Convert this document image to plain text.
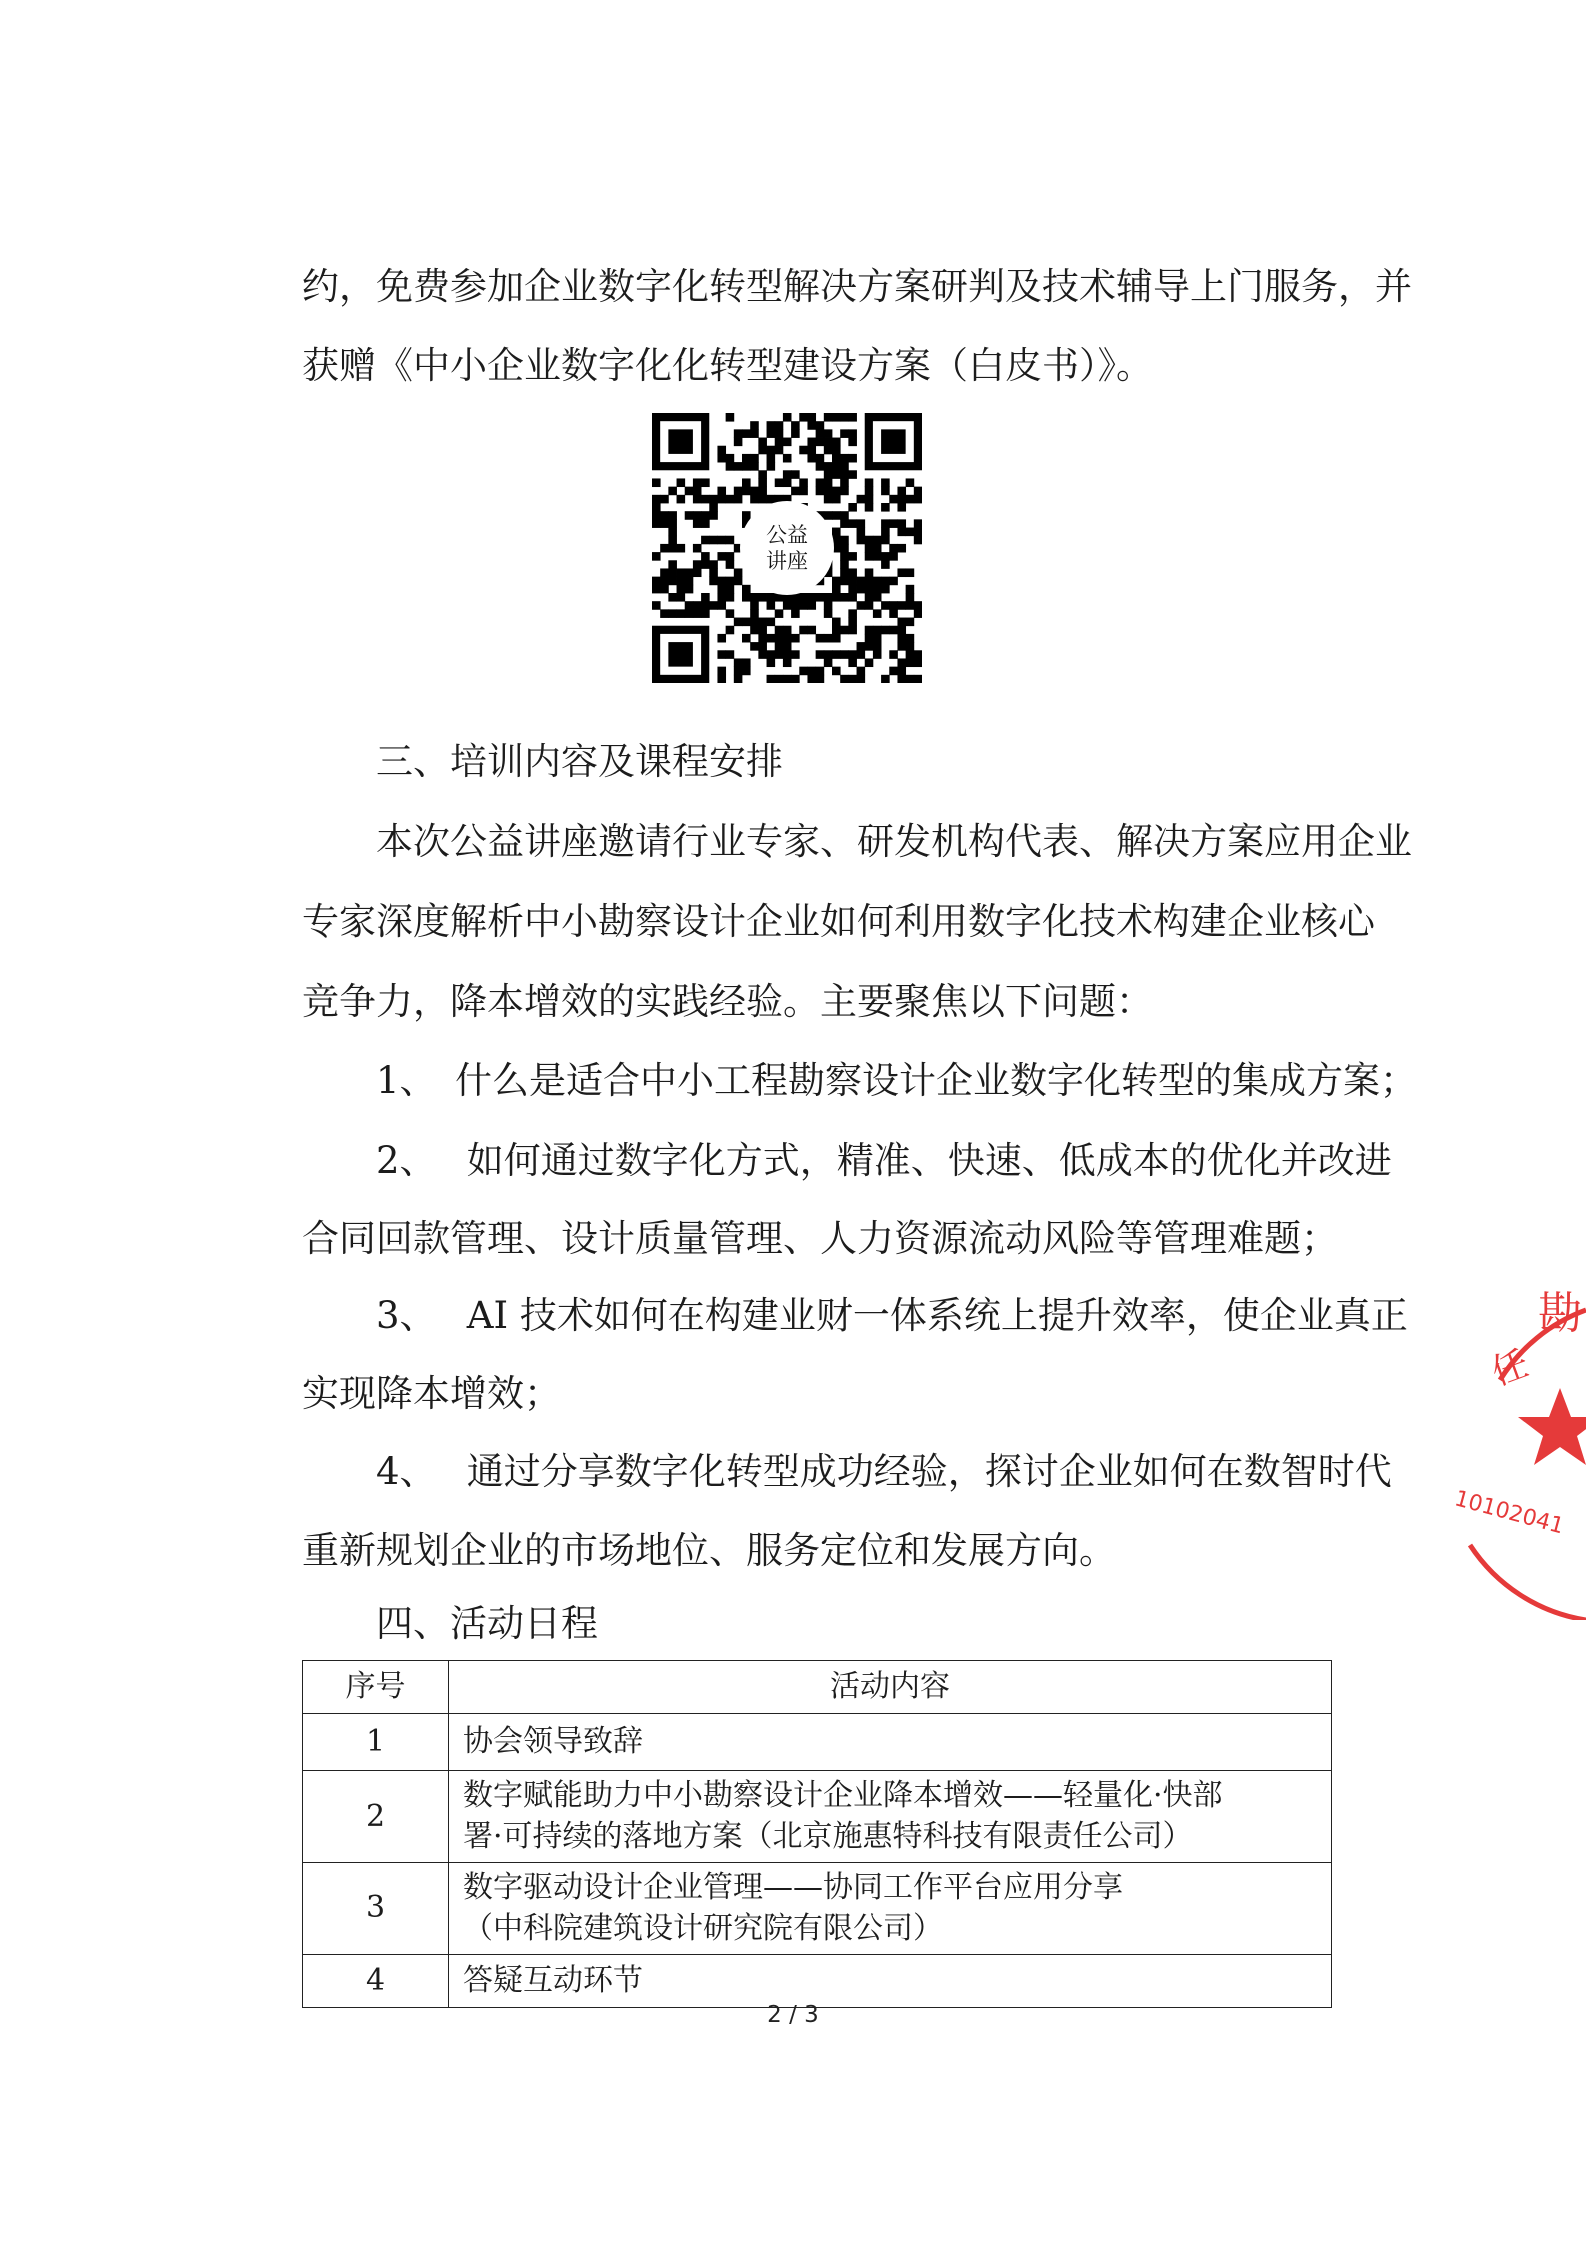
约，免费参加企业数字化转型解决方案研判及技术辅导上门服务，并
获赠《中小企业数字化化转型建设方案（白皮书）》。
公益
讲座
三、培训内容及课程安排
本次公益讲座邀请行业专家、研发机构代表、解决方案应用企业
专家深度解析中小勘察设计企业如何利用数字化技术构建企业核心
竞争力，降本增效的实践经验。主要聚焦以下问题：
1、　什么是适合中小工程勘察设计企业数字化转型的集成方案；
2、　 如何通过数字化方式，精准、快速、低成本的优化并改进
合同回款管理、设计质量管理、人力资源流动风险等管理难题；
3、　 AI 技术如何在构建业财一体系统上提升效率，使企业真正
实现降本增效；
4、　 通过分享数字化转型成功经验，探讨企业如何在数智时代
重新规划企业的市场地位、服务定位和发展方向。
四、活动日程
序号	活动内容
1	协会领导致辞

2	数字赋能助力中小勘察设计企业降本增效——轻量化·快部
署·可持续的落地方案（北京施惠特科技有限责任公司）

3	数字驱动设计企业管理——协同工作平台应用分享
（中科院建筑设计研究院有限公司）

4	答疑互动环节
2 / 3
勘
任
10102041
